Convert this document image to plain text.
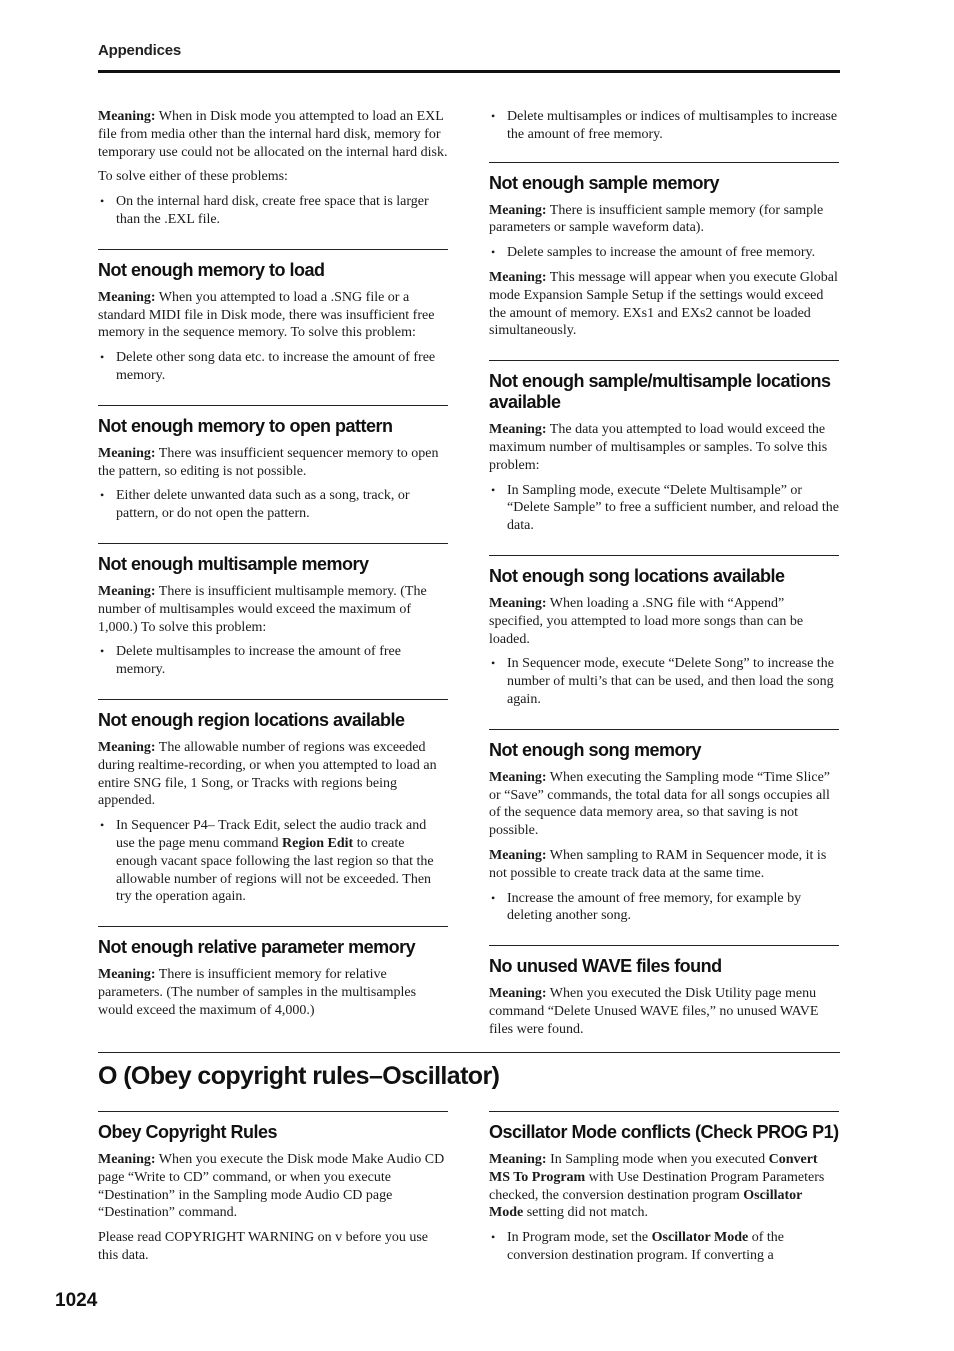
Appendices

Meaning: When in Disk mode you attempted to load an EXL file from media other than the internal hard disk, memory for temporary use could not be allocated on the internal hard disk.

To solve either of these problems:

• On the internal hard disk, create free space that is larger than the .EXL file.
Not enough memory to load

Meaning: When you attempted to load a .SNG file or a standard MIDI file in Disk mode, there was insufficient free memory in the sequence memory. To solve this problem:

• Delete other song data etc. to increase the amount of free memory.
Not enough memory to open pattern

Meaning: There was insufficient sequencer memory to open the pattern, so editing is not possible.

• Either delete unwanted data such as a song, track, or pattern, or do not open the pattern.
Not enough multisample memory

Meaning: There is insufficient multisample memory. (The number of multisamples would exceed the maximum of 1,000.) To solve this problem:

• Delete multisamples to increase the amount of free memory.
Not enough region locations available

Meaning: The allowable number of regions was exceeded during realtime-recording, or when you attempted to load an entire SNG file, 1 Song, or Tracks with regions being appended.

• In Sequencer P4– Track Edit, select the audio track and use the page menu command Region Edit to create enough vacant space following the last region so that the allowable number of regions will not be exceeded. Then try the operation again.
Not enough relative parameter memory

Meaning: There is insufficient memory for relative parameters. (The number of samples in the multisamples would exceed the maximum of 4,000.)

• Delete multisamples or indices of multisamples to increase the amount of free memory.
Not enough sample memory

Meaning: There is insufficient sample memory (for sample parameters or sample waveform data).

• Delete samples to increase the amount of free memory.

Meaning: This message will appear when you execute Global mode Expansion Sample Setup if the settings would exceed the amount of memory. EXs1 and EXs2 cannot be loaded simultaneously.

Not enough sample/multisample locations available

Meaning: The data you attempted to load would exceed the maximum number of multisamples or samples. To solve this problem:

• In Sampling mode, execute “Delete Multisample” or “Delete Sample” to free a sufficient number, and reload the data.
Not enough song locations available

Meaning: When loading a .SNG file with “Append” specified, you attempted to load more songs than can be loaded.

• In Sequencer mode, execute “Delete Song” to increase the number of multi’s that can be used, and then load the song again.
Not enough song memory

Meaning: When executing the Sampling mode “Time Slice” or “Save” commands, the total data for all songs occupies all of the sequence data memory area, so that saving is not possible.

Meaning: When sampling to RAM in Sequencer mode, it is not possible to create track data at the same time.

• Increase the amount of free memory, for example by deleting another song.
No unused WAVE files found

Meaning: When you executed the Disk Utility page menu command “Delete Unused WAVE files,” no unused WAVE files were found.

O (Obey copyright rules–Oscillator)
Obey Copyright Rules

Meaning: When you execute the Disk mode Make Audio CD page “Write to CD” command, or when you execute “Destination” in the Sampling mode Audio CD page “Destination” command.

Please read COPYRIGHT WARNING on v before you use this data.

Oscillator Mode conflicts (Check PROG P1)

Meaning: In Sampling mode when you executed Convert MS To Program with Use Destination Program Parameters checked, the conversion destination program Oscillator Mode setting did not match.

• In Program mode, set the Oscillator Mode of the conversion destination program. If converting a
1024
